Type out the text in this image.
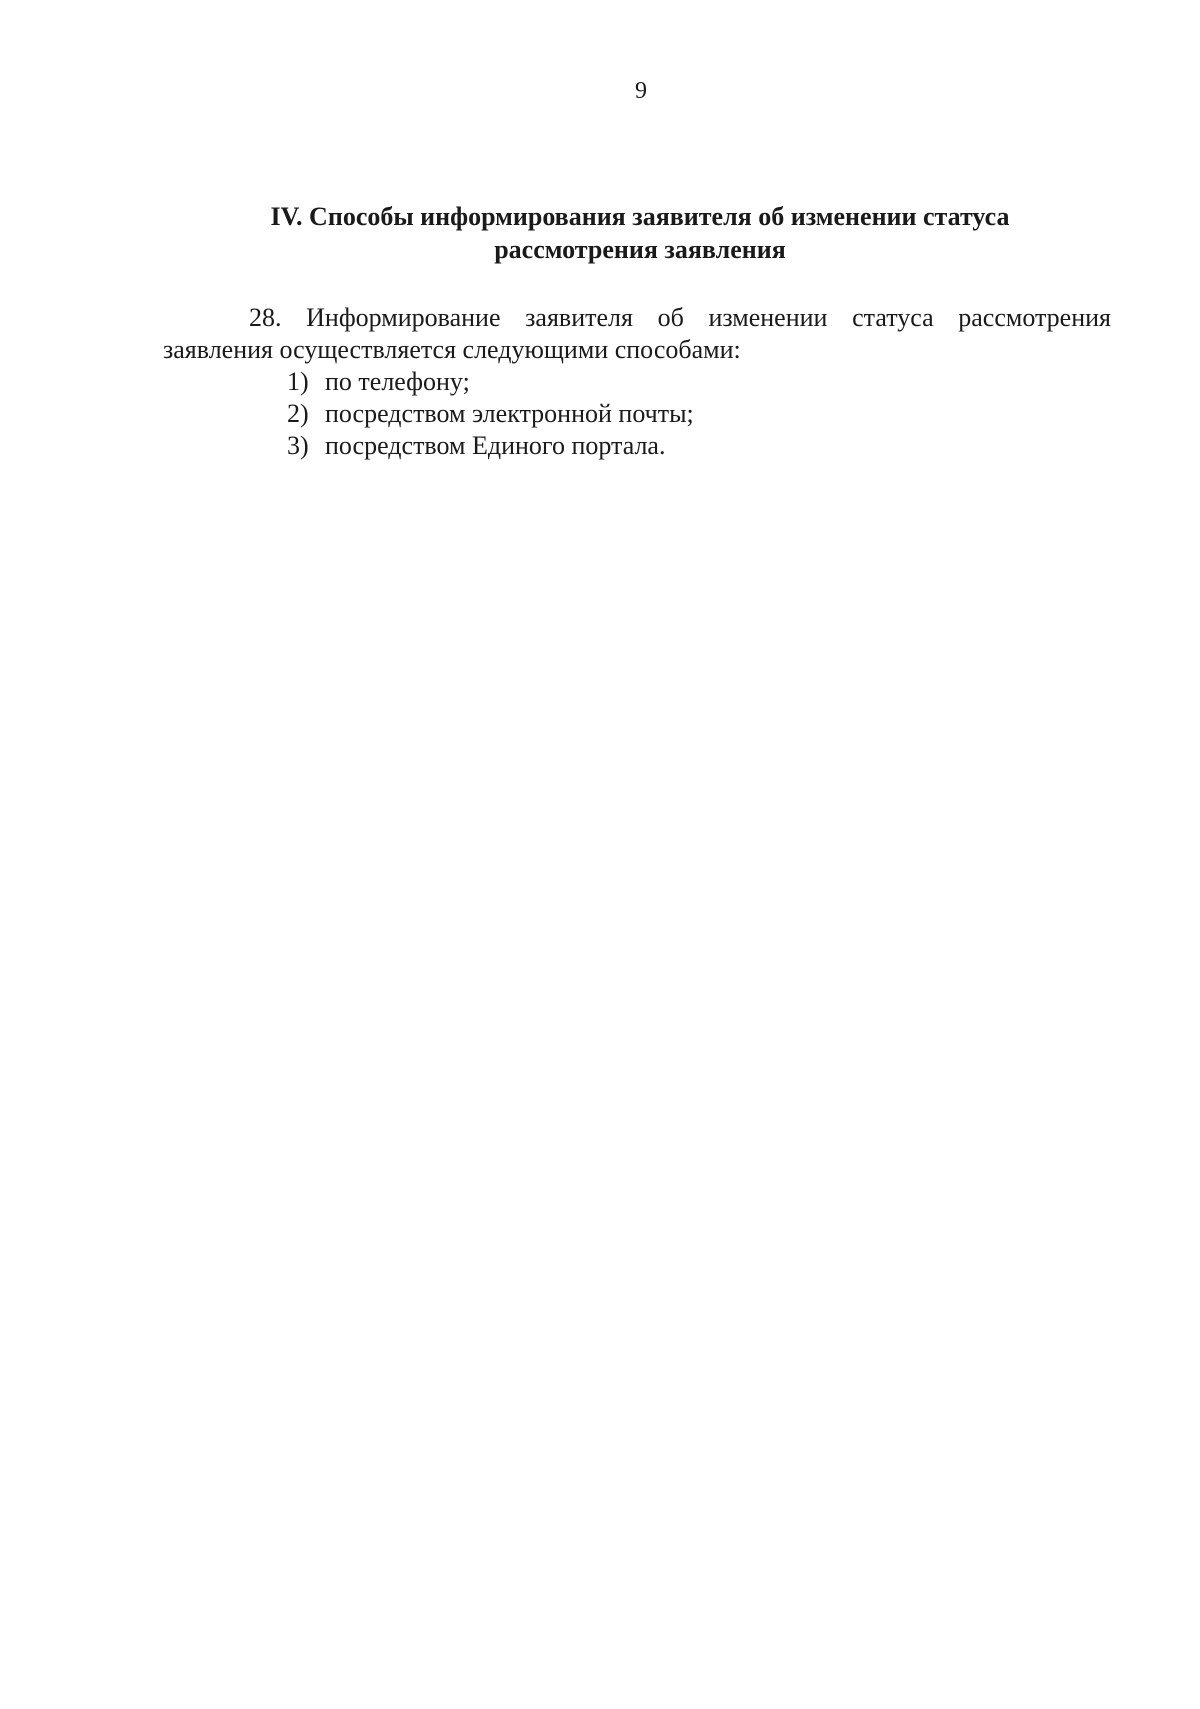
9
IV. Способы информирования заявителя об изменении статуса
рассмотрения заявления

28. Информирование заявителя об изменении статуса рассмотрения заявления осуществляется следующими способами:

1) по телефону;
2) посредством электронной почты;
3) посредством Единого портала.
